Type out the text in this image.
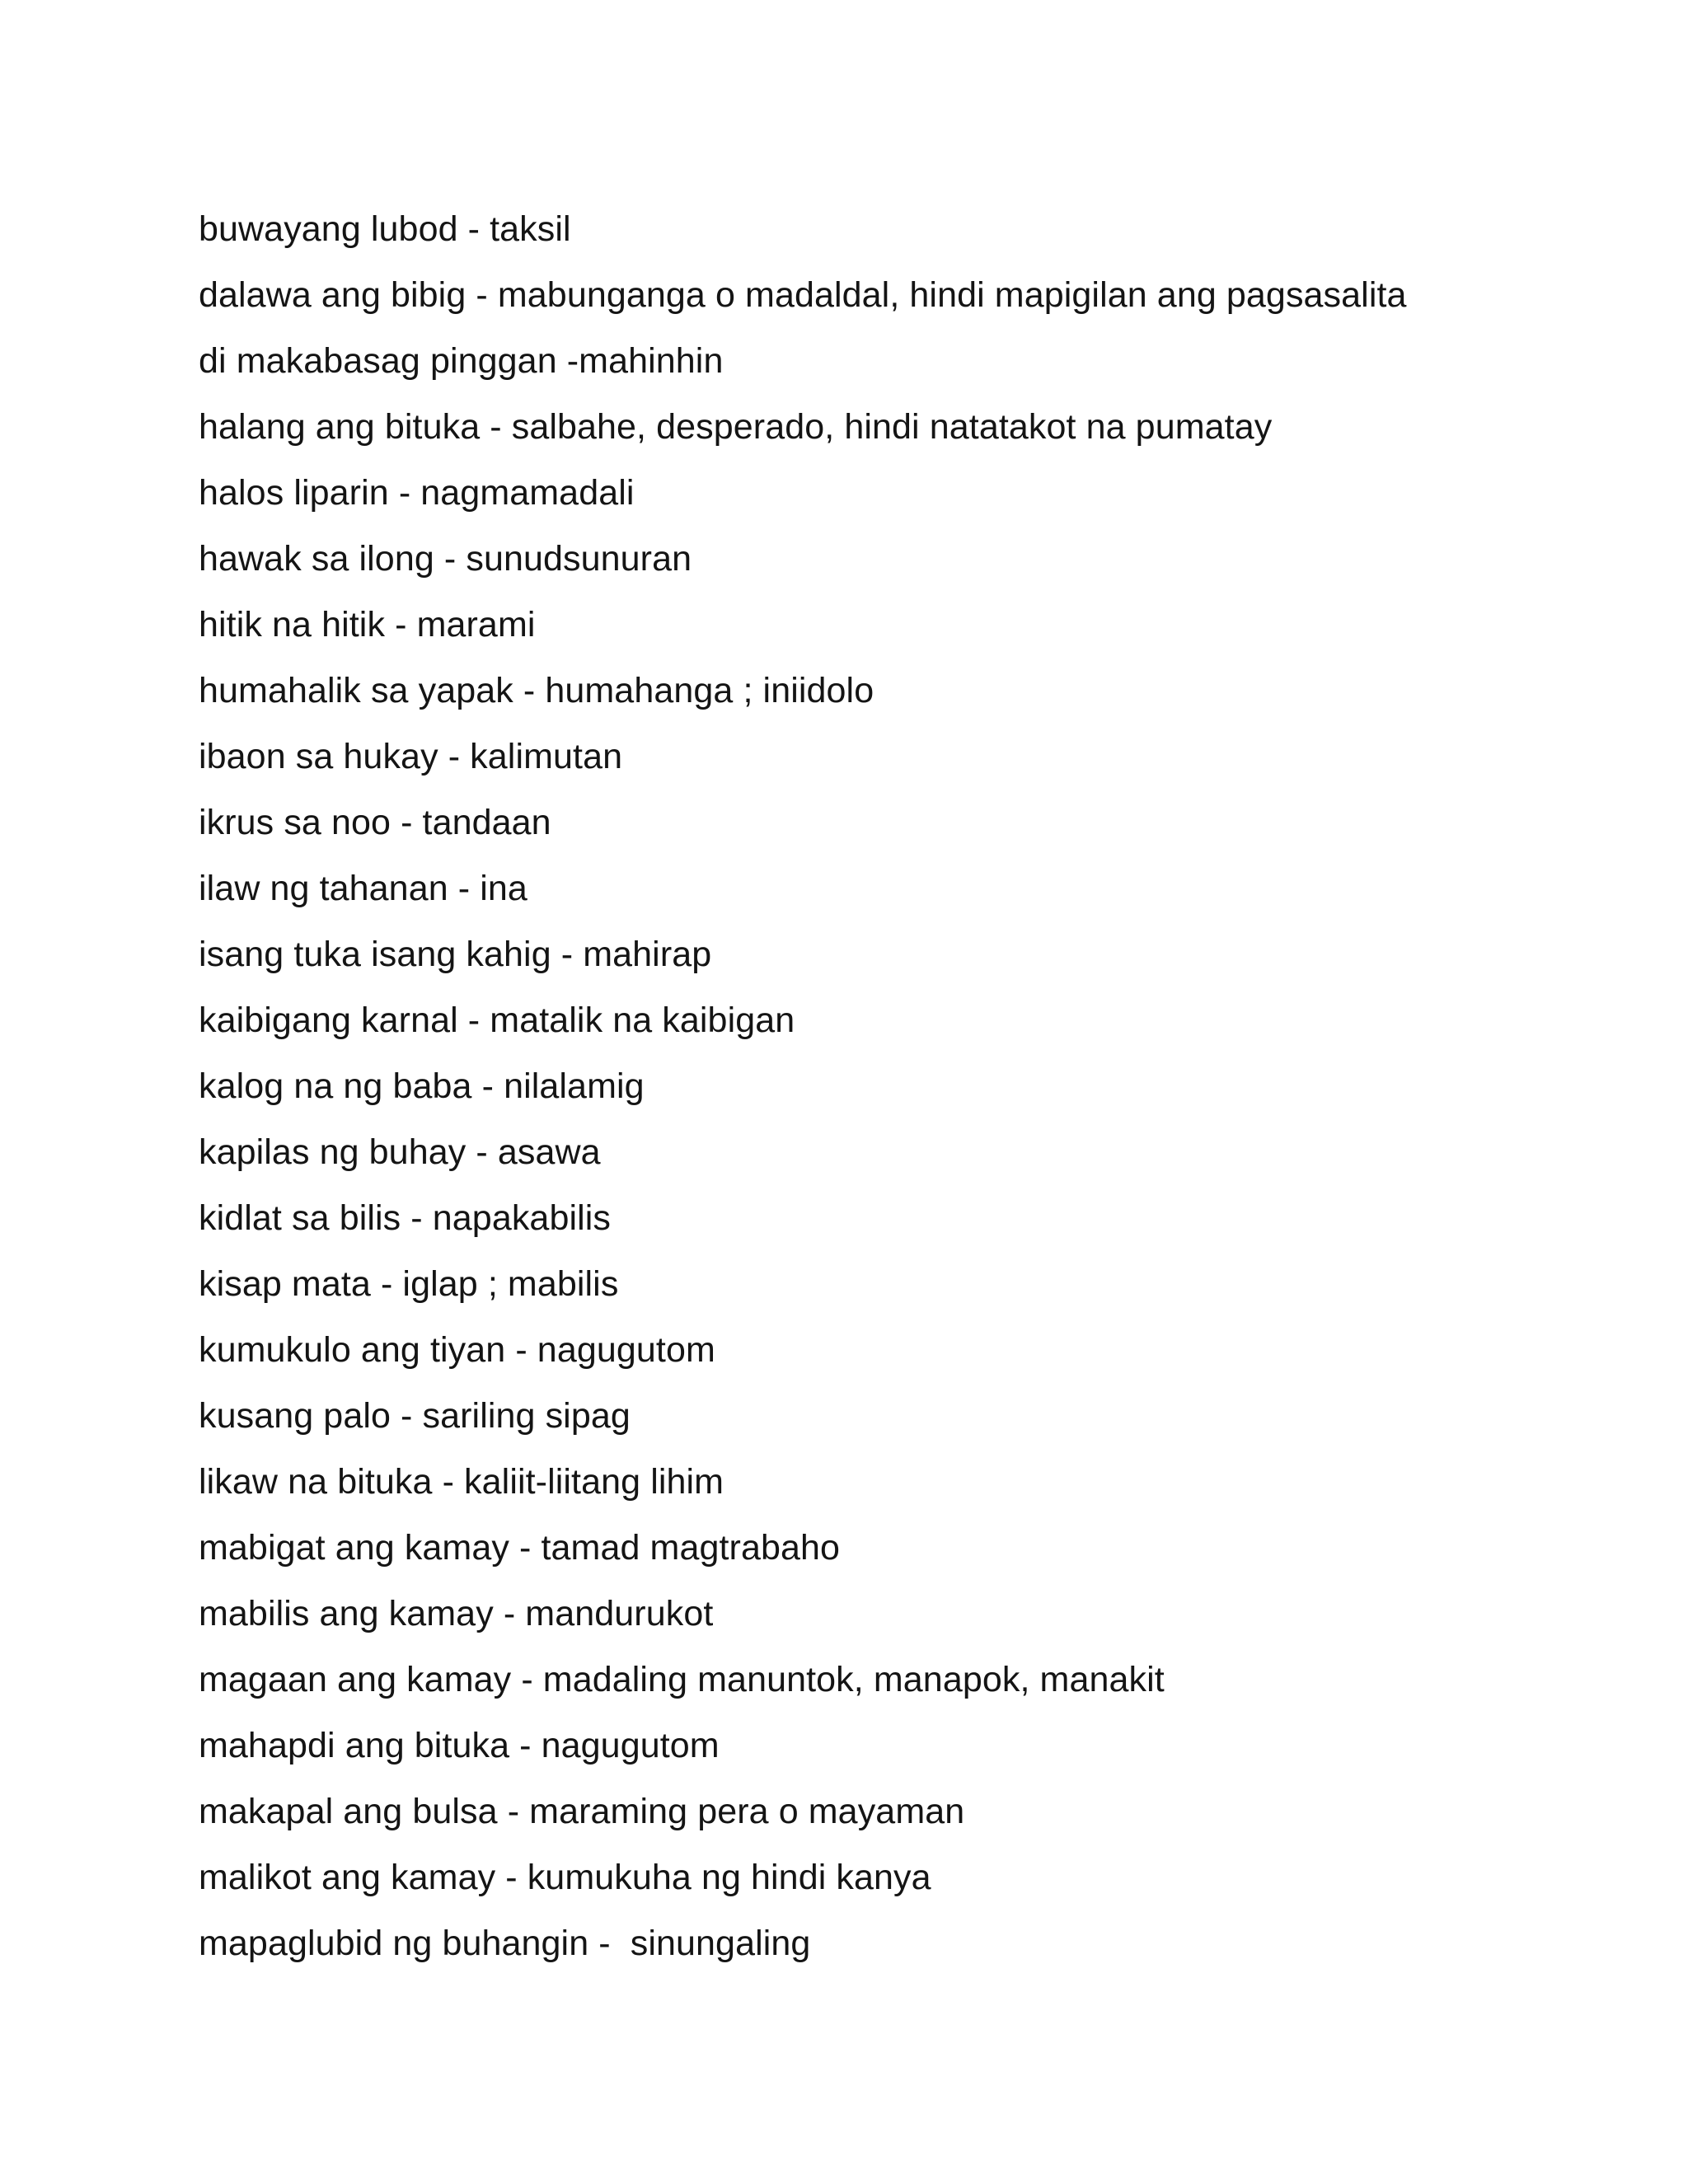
buwayang lubod - taksil
dalawa ang bibig - mabunganga o madaldal, hindi mapigilan ang pagsasalita
di makabasag pinggan -mahinhin
halang ang bituka - salbahe, desperado, hindi natatakot na pumatay
halos liparin - nagmamadali
hawak sa ilong - sunudsunuran
hitik na hitik - marami
humahalik sa yapak - humahanga ; iniidolo
ibaon sa hukay - kalimutan
ikrus sa noo - tandaan
ilaw ng tahanan - ina
isang tuka isang kahig - mahirap
kaibigang karnal - matalik na kaibigan
kalog na ng baba - nilalamig
kapilas ng buhay - asawa
kidlat sa bilis - napakabilis
kisap mata - iglap ; mabilis
kumukulo ang tiyan - nagugutom
kusang palo - sariling sipag
likaw na bituka - kaliit-liitang lihim
mabigat ang kamay - tamad magtrabaho
mabilis ang kamay - mandurukot
magaan ang kamay - madaling manuntok, manapok, manakit
mahapdi ang bituka - nagugutom
makapal ang bulsa - maraming pera o mayaman
malikot ang kamay - kumukuha ng hindi kanya
mapaglubid ng buhangin -  sinungaling
